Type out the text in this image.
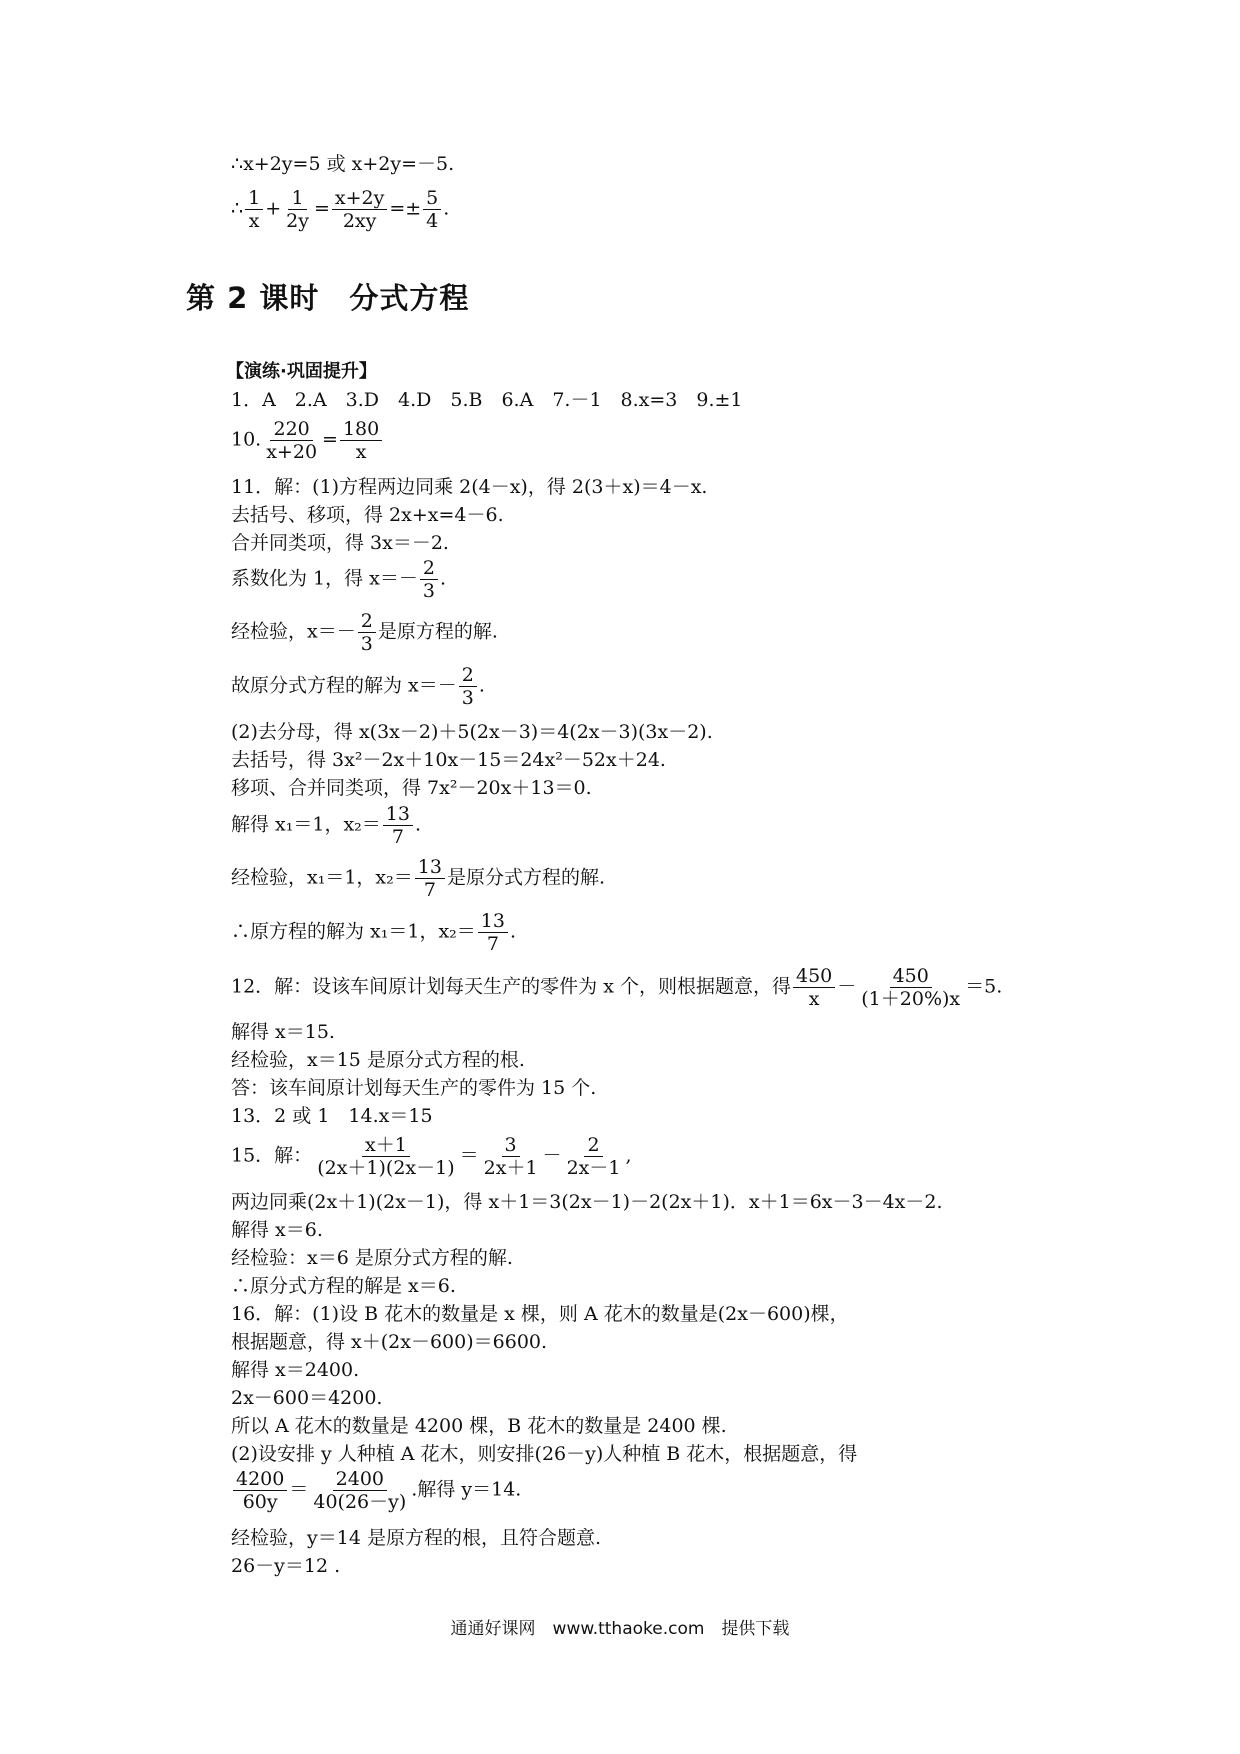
∴x+2y=5 或 x+2y=－5.
∴ $\frac{1}{x} + \frac{1}{2y} = \frac{x+2y}{2xy} =\pm \frac{5}{4}$ .
第 2 课时　分式方程
【演练·巩固提升】
1．A　2.A　3.D　4.D　5.B　6.A　7.－1　8.x=3　9.±1
10. $\frac{220}{x+20} = \frac{180}{x}$
11．解：(1)方程两边同乘 2(4－x)，得 2(3＋x)＝4－x.
去括号、移项，得 2x+x=4－6.
合并同类项，得 3x＝－2.
系数化为 1，得 $x=- \frac{2}{3}$ .
经检验，$x=- \frac{2}{3}$ 是原方程的解.
故原分式方程的解为 $x=- \frac{2}{3}$ .
(2)去分母，得 x(3x－2)＋5(2x－3)＝4(2x－3)(3x－2).
去括号，得 3x²－2x＋10x－15＝24x²－52x＋24.
移项、合并同类项，得 7x²－20x＋13＝0.
解得 x₁＝1，$x_2= \frac{13}{7}$ .
经检验，x₁＝1，$x_2= \frac{13}{7}$ 是原分式方程的解.
∴原方程的解为 x₁＝1，$x_2= \frac{13}{7}$ .
12．解：设该车间原计划每天生产的零件为 x 个，则根据题意，得 $\frac{450}{x} - \frac{450}{(1+20\%)x} =5$.
解得 x＝15.
经检验，x＝15 是原分式方程的根.
答：该车间原计划每天生产的零件为 15 个.
13．2 或 1　14.x＝15
15．解： $\frac{x+1}{(2x+1)(2x-1)} = \frac{3}{2x+1} - \frac{2}{2x-1}$ ,
两边同乘(2x＋1)(2x－1)，得 x＋1＝3(2x－1)－2(2x＋1)．x＋1＝6x－3－4x－2.
解得 x＝6.
经检验：x＝6 是原分式方程的解.
∴原分式方程的解是 x＝6.
16．解：(1)设 B 花木的数量是 x 棵，则 A 花木的数量是(2x－600)棵，
根据题意，得 x＋(2x－600)＝6600.
解得 x＝2400.
2x－600＝4200.
所以 A 花木的数量是 4200 棵，B 花木的数量是 2400 棵.
(2)设安排 y 人种植 A 花木，则安排(26－y)人种植 B 花木，根据题意，得
$\frac{4200}{60y} = \frac{2400}{40(26-y)}$ .解得 y＝14.
经检验，y＝14 是原方程的根，且符合题意.
26－y＝12 .
通通好课网　www.tthaoke.com　提供下载
